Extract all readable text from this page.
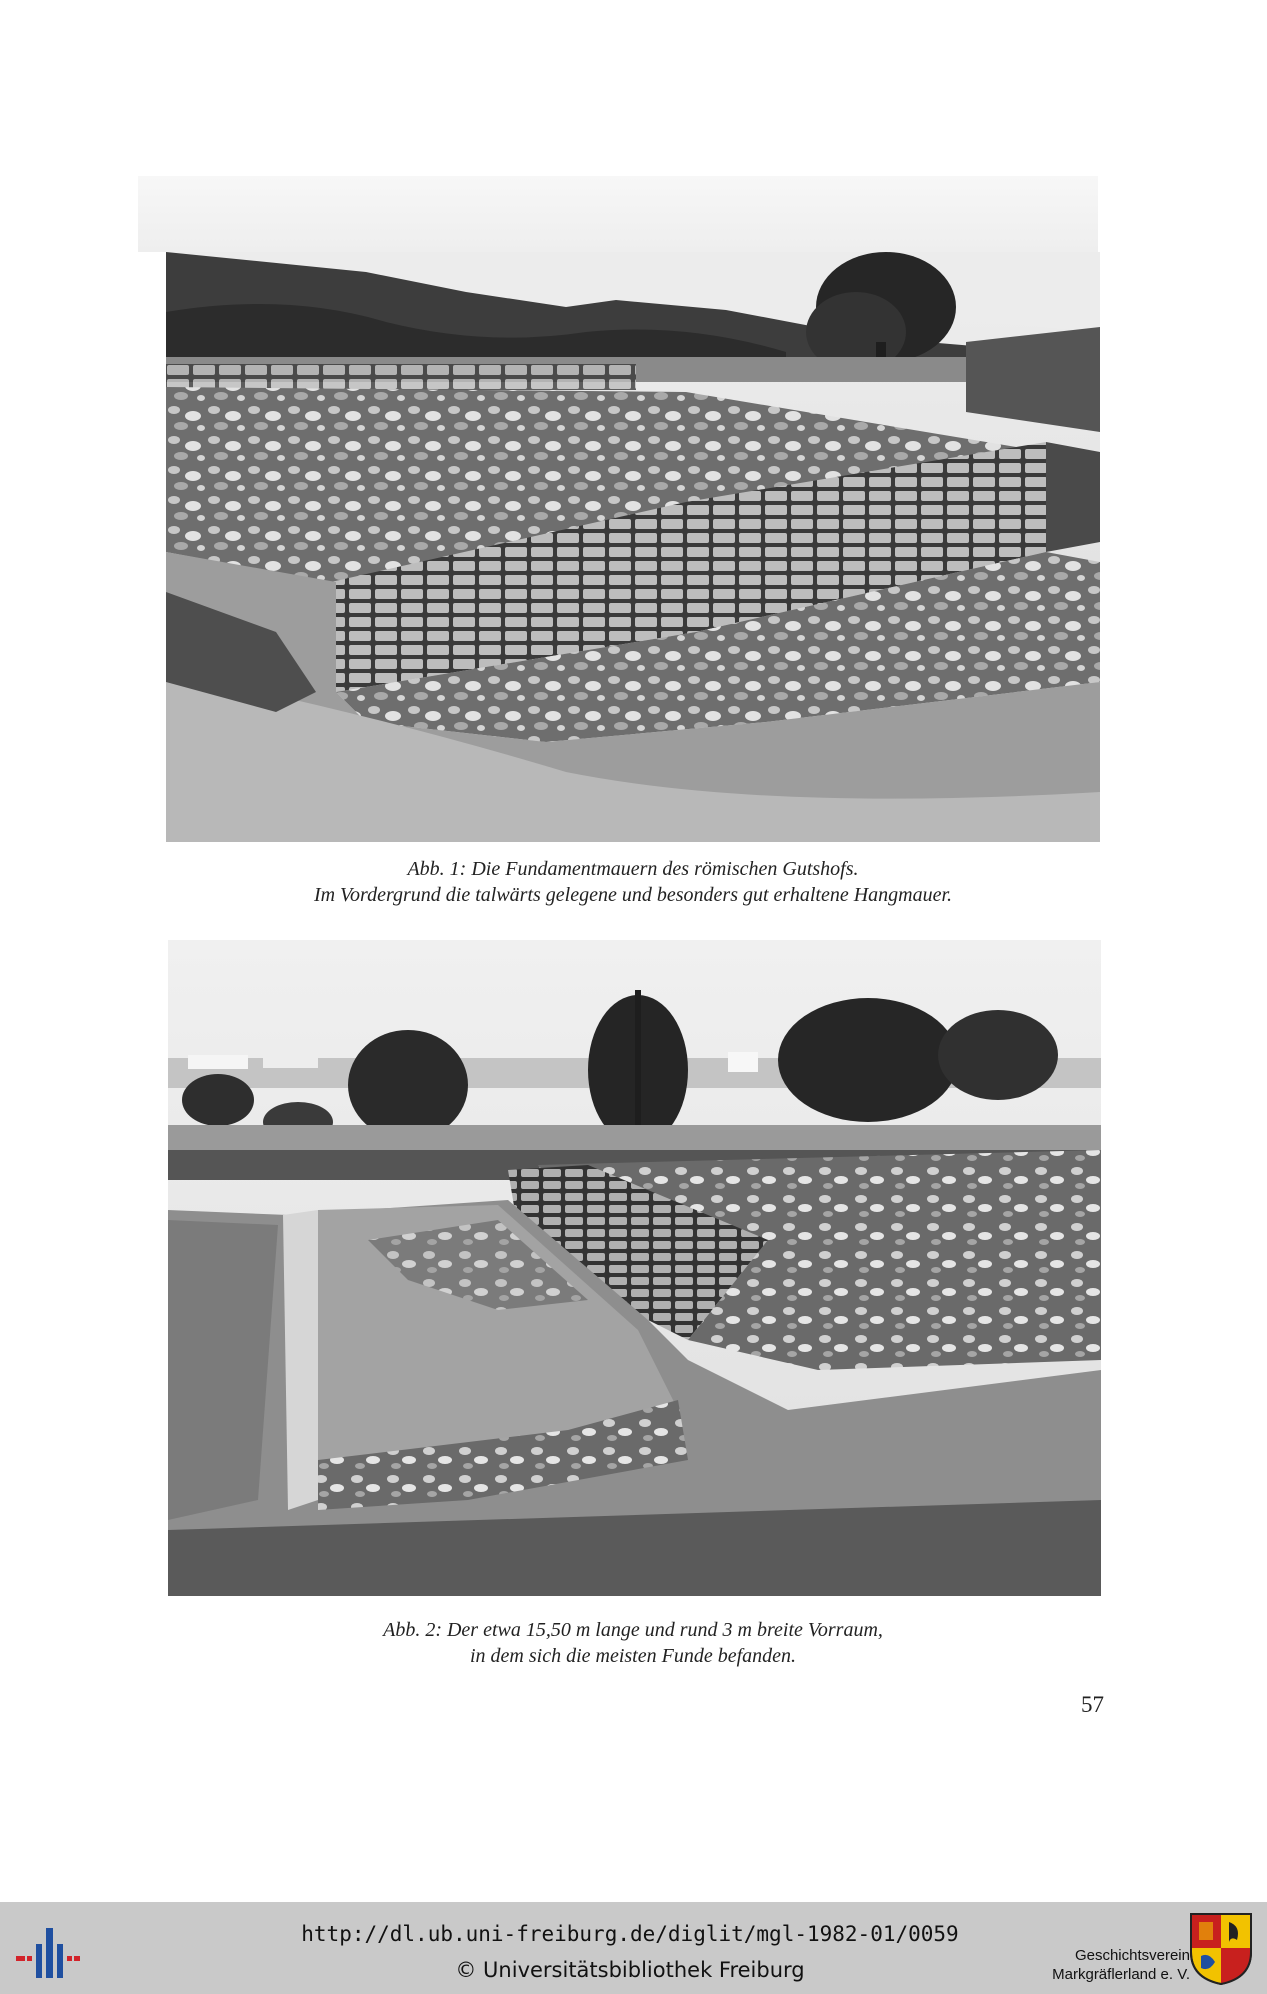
Abb. 1: Die Fundamentmauern des römischen Gutshofs.
Im Vordergrund die talwärts gelegene und besonders gut erhaltene Hangmauer.
Abb. 2: Der etwa 15,50 m lange und rund 3 m breite Vorraum,
in dem sich die meisten Funde befanden.
57
http://dl.ub.uni-freiburg.de/diglit/mgl-1982-01/0059
© Universitätsbibliothek Freiburg
Geschichtsverein
Markgräflerland e. V.
